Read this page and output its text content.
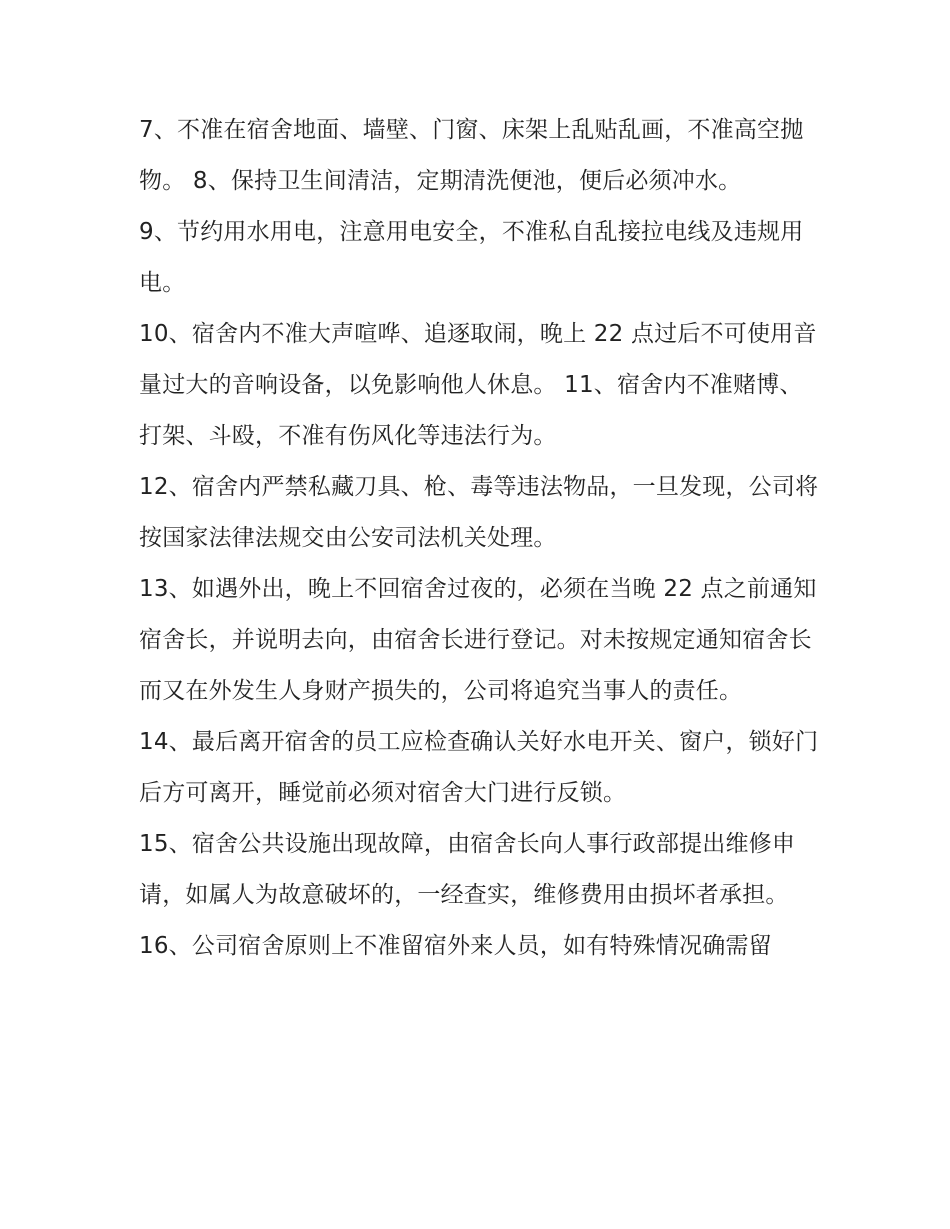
7、不准在宿舍地面、墙壁、门窗、床架上乱贴乱画，不准高空抛物。 8、保持卫生间清洁，定期清洗便池，便后必须冲水。

9、节约用水用电，注意用电安全，不准私自乱接拉电线及违规用电。

10、宿舍内不准大声喧哗、追逐取闹，晚上 22 点过后不可使用音量过大的音响设备，以免影响他人休息。 11、宿舍内不准赌博、打架、斗殴，不准有伤风化等违法行为。

12、宿舍内严禁私藏刀具、枪、毒等违法物品，一旦发现，公司将按国家法律法规交由公安司法机关处理。

13、如遇外出，晚上不回宿舍过夜的，必须在当晚 22 点之前通知宿舍长，并说明去向，由宿舍长进行登记。对未按规定通知宿舍长而又在外发生人身财产损失的，公司将追究当事人的责任。

14、最后离开宿舍的员工应检查确认关好水电开关、窗户，锁好门后方可离开，睡觉前必须对宿舍大门进行反锁。

15、宿舍公共设施出现故障，由宿舍长向人事行政部提出维修申请，如属人为故意破坏的，一经查实，维修费用由损坏者承担。

16、公司宿舍原则上不准留宿外来人员，如有特殊情况确需留
